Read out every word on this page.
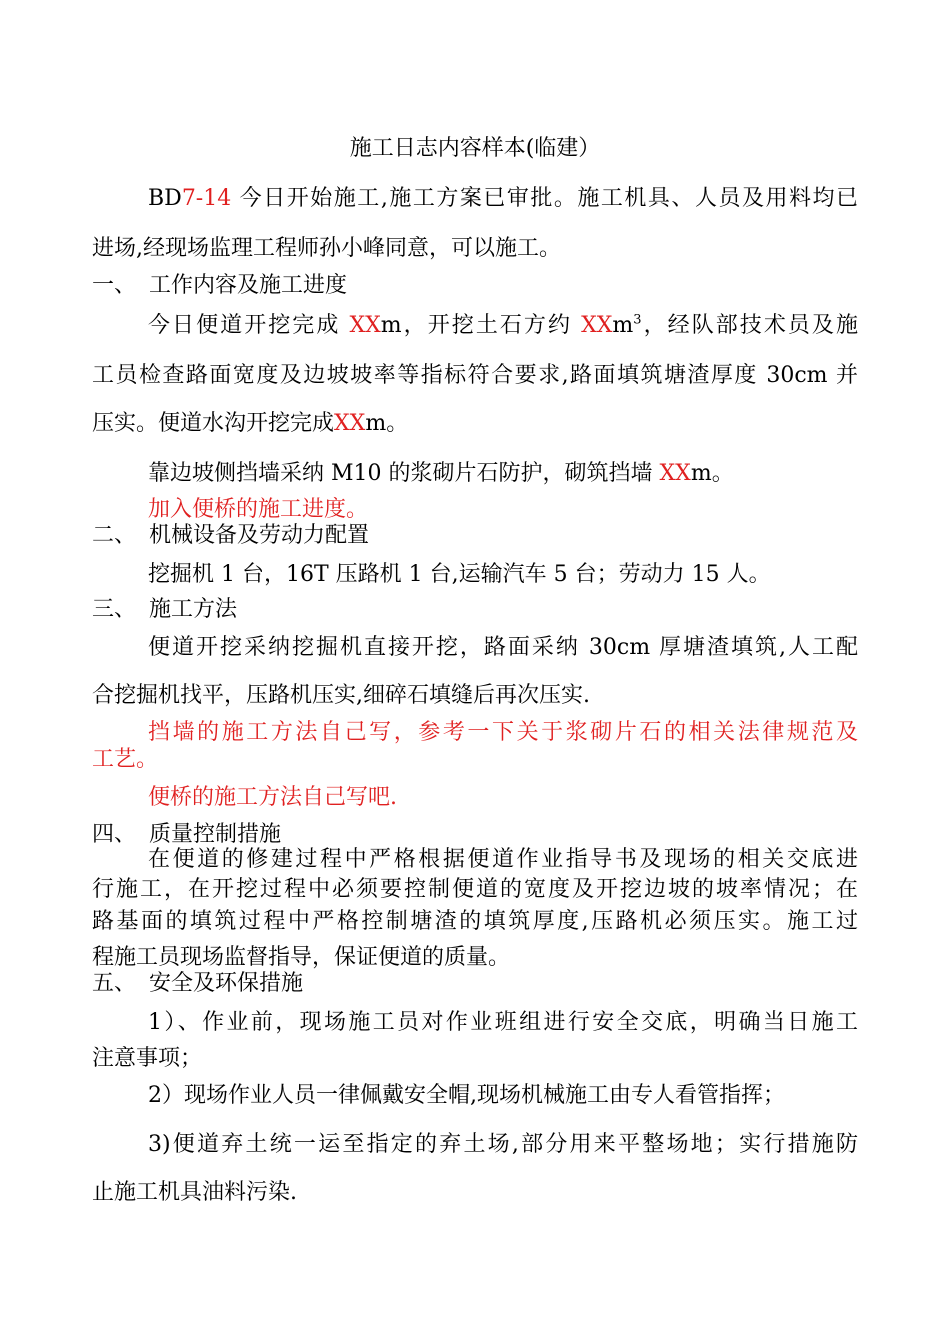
施工日志内容样本(临建）
BD7-14 今日开始施工,施工方案已审批。施工机具、人员及用料均已
进场,经现场监理工程师孙小峰同意，可以施工。
一、 工作内容及施工进度
今日便道开挖完成 XXm，开挖土石方约 XXm$^3$，经队部技术员及施
工员检查路面宽度及边坡坡率等指标符合要求,路面填筑塘渣厚度 30cm 并
压实。便道水沟开挖完成XXm。
靠边坡侧挡墙采纳 M10 的浆砌片石防护，砌筑挡墙 XXm。
加入便桥的施工进度。
二、 机械设备及劳动力配置
挖掘机 1 台，16T 压路机 1 台,运输汽车 5 台；劳动力 15 人。
三、 施工方法
便道开挖采纳挖掘机直接开挖，路面采纳 30cm 厚塘渣填筑,人工配
合挖掘机找平，压路机压实,细碎石填缝后再次压实.
挡墙的施工方法自己写，参考一下关于浆砌片石的相关法律规范及
工艺。
便桥的施工方法自己写吧.
四、 质量控制措施
在便道的修建过程中严格根据便道作业指导书及现场的相关交底进
行施工，在开挖过程中必须要控制便道的宽度及开挖边坡的坡率情况；在
路基面的填筑过程中严格控制塘渣的填筑厚度,压路机必须压实。施工过
程施工员现场监督指导，保证便道的质量。
五、 安全及环保措施
1）、作业前，现场施工员对作业班组进行安全交底，明确当日施工
注意事项；
2）现场作业人员一律佩戴安全帽,现场机械施工由专人看管指挥；
3)便道弃土统一运至指定的弃土场,部分用来平整场地；实行措施防
止施工机具油料污染.
